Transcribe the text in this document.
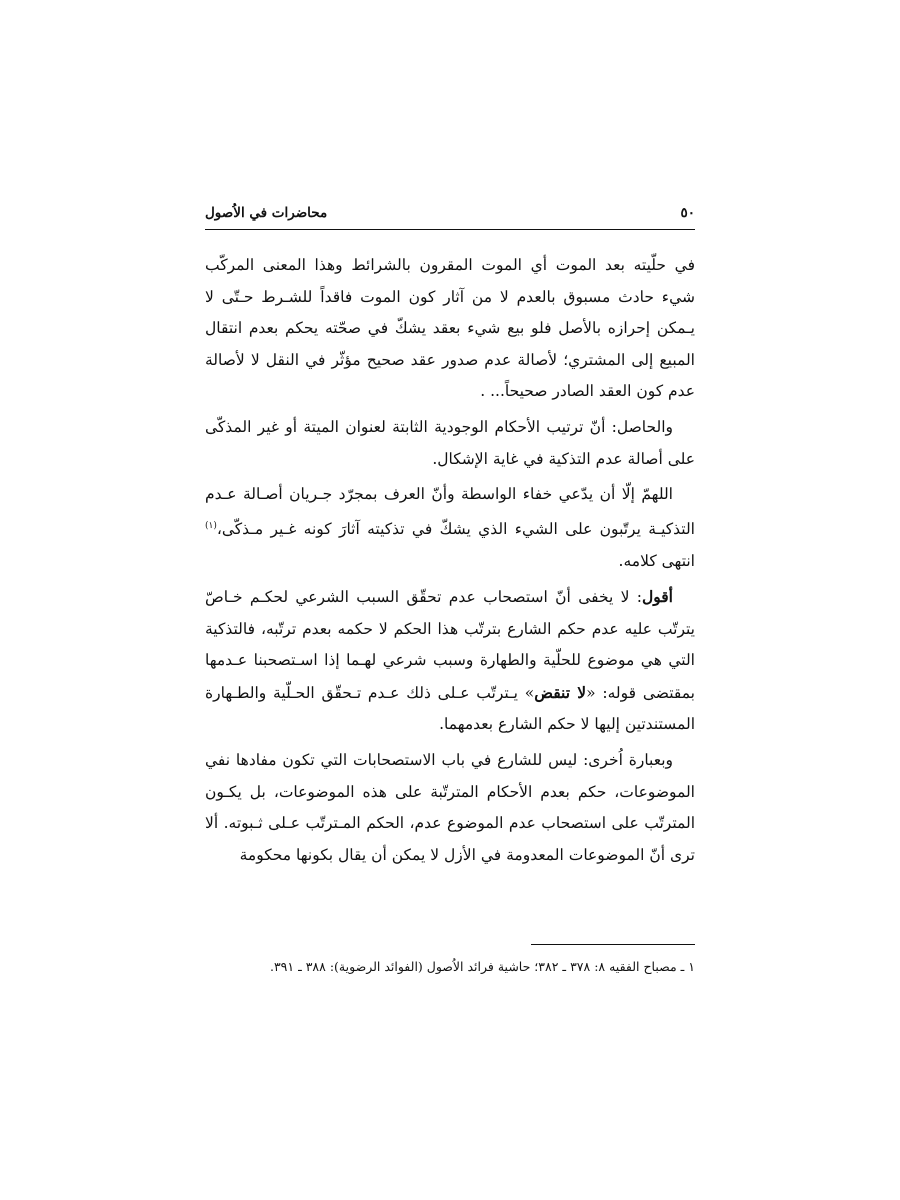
٥٠
محاضرات في الاُصول

في حلّيته بعد الموت أي الموت المقرون بالشرائط وهذا المعنى المركّب شيء حادث مسبوق بالعدم لا من آثار كون الموت فاقداً للشـرط حـتّى لا يـمكن إحرازه بالأصل فلو بيع شيء بعقد يشكّ في صحّته يحكم بعدم انتقال المبيع إلى المشتري؛ لأصالة عدم صدور عقد صحيح مؤثّر في النقل لا لأصالة عدم كون العقد الصادر صحيحاً... .

والحاصل: أنّ ترتيب الأحكام الوجودية الثابتة لعنوان الميتة أو غير المذكّى على أصالة عدم التذكية في غاية الإشكال.

اللهمّ إلّا أن يدّعي خفاء الواسطة وأنّ العرف بمجرّد جـريان أصـالة عـدم التذكيـة يرتّبون على الشيء الذي يشكّ في تذكيته آثارَ كونه غـير مـذكّى،$^{(١)}$ انتهى كلامه.

أقول: لا يخفى أنّ استصحاب عدم تحقّق السبب الشرعي لحكـم خـاصّ يترتّب عليه عدم حكم الشارع بترتّب هذا الحكم لا حكمه بعدم ترتّبه، فالتذكية التي هي موضوع للحلّية والطهارة وسبب شرعي لهـما إذا اسـتصحبنا عـدمها بمقتضى قوله: «لا تنقض» يـترتّب عـلى ذلك عـدم تـحقّق الحـلّية والطـهارة المستندتين إليها لا حكم الشارع بعدمهما.

وبعبارة اُخرى: ليس للشارع في باب الاستصحابات التي تكون مفادها نفي الموضوعات، حكم بعدم الأحكام المترتّبة على هذه الموضوعات، بل يكـون المترتّب على استصحاب عدم الموضوع عدم، الحكم المـترتّب عـلى ثـبوته. ألا ترى أنّ الموضوعات المعدومة في الأزل لا يمكن أن يقال بكونها محكومة

١ ـ مصباح الفقيه ٨: ٣٧٨ ـ ٣٨٢؛ حاشية فرائد الاُصول (الفوائد الرضوية): ٣٨٨ ـ ٣٩١.
